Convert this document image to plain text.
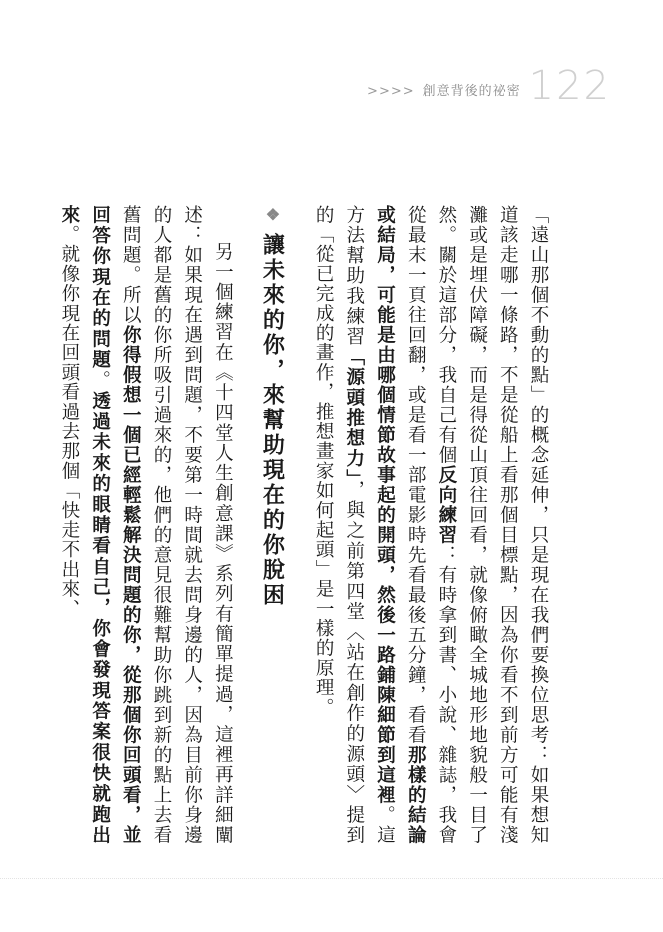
>>>> 創意背後的祕密 122

「遠山那個不動的點」的概念延伸，只是現在我們要換位思考：如果想知道該走哪一條路，不是從船上看那個目標點，因為你看不到前方可能有淺灘或是埋伏障礙，而是得從山頂往回看，就像俯瞰全城地形地貌般一目了然。關於這部分，我自己有個反向練習：有時拿到書、小說、雜誌，我會從最末一頁往回翻，或是看一部電影時先看最後五分鐘，看看那樣的結論或結局，可能是由哪個情節故事起的開頭，然後一路鋪陳細節到這裡。這方法幫助我練習「源頭推想力」，與之前第四堂〈站在創作的源頭〉提到的「從已完成的畫作，推想畫家如何起頭」是一樣的原理。

❖讓未來的你，來幫助現在的你脫困

另一個練習在《十四堂人生創意課》系列有簡單提過，這裡再詳細闡述：如果現在遇到問題，不要第一時間就去問身邊的人，因為目前你身邊的人都是舊的你所吸引過來的，他們的意見很難幫助你跳到新的點上去看舊問題。所以你得假想一個已經輕鬆解決問題的你，從那個你回頭看，並回答你現在的問題。透過未來的眼睛看自己，你會發現答案很快就跑出來。就像你現在回頭看過去那個「快走不出來、
